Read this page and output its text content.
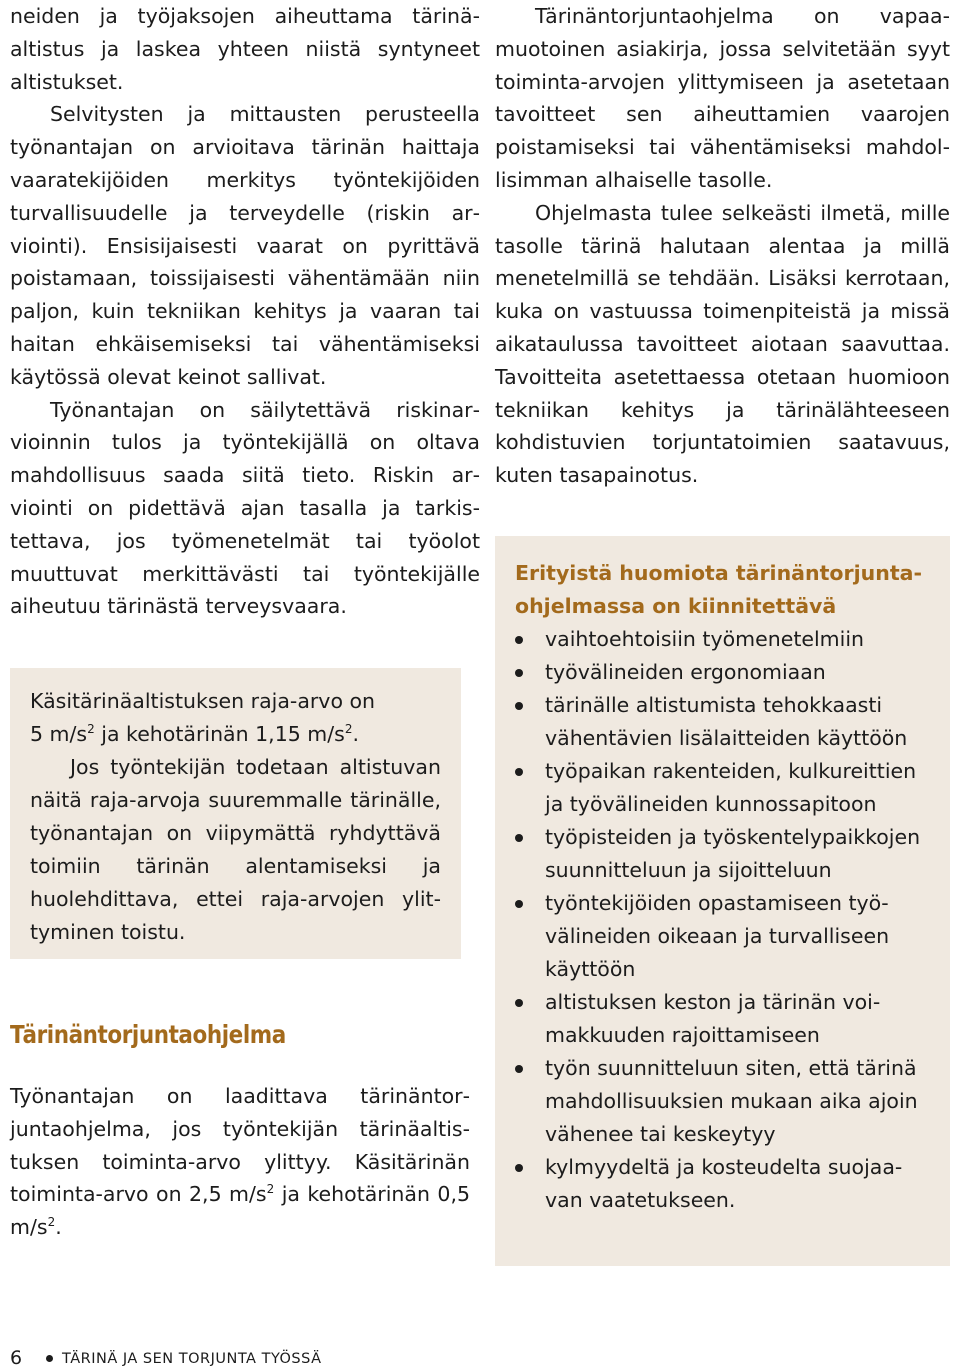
neiden ja työjaksojen aiheuttama tärinäaltistus ja laskea yhteen niistä syntyneet altistukset.

Selvitysten ja mittausten perusteella työnantajan on arvioitava tärinän haittaja vaaratekijöiden merkitys työntekijöiden turvallisuudelle ja terveydelle (riskin arviointi). Ensisijaisesti vaarat on pyrittävä poistamaan, toissijaisesti vähentämään niin paljon, kuin tekniikan kehitys ja vaaran tai haitan ehkäisemiseksi tai vähentämiseksi käytössä olevat keinot sallivat.

Työnantajan on säilytettävä riskinarvioinnin tulos ja työntekijällä on oltava mahdollisuus saada siitä tieto. Riskin arviointi on pidettävä ajan tasalla ja tarkistettava, jos työmenetelmät tai työolot muuttuvat merkittävästi tai työntekijälle aiheutuu tärinästä terveysvaara.

Käsitärinäaltistuksen raja-arvo on
5 $m/s^2$ ja kehotärinän 1,15 $m/s^2$.

Jos työntekijän todetaan altistuvan näitä raja-arvoja suuremmalle tärinälle, työnantajan on viipymättä ryhdyttävä toimiin tärinän alentamiseksi ja huolehdittava, ettei raja-arvojen ylittyminen toistu.

Tärinäntorjuntaohjelma

Työnantajan on laadittava tärinäntorjuntaohjelma, jos työntekijän tärinäaltistuksen toiminta-arvo ylittyy. Käsitärinän toiminta-arvo on 2,5 $m/s^2$ ja kehotärinän 0,5 $m/s^2$.

Tärinäntorjuntaohjelma on vapaamuotoinen asiakirja, jossa selvitetään syyt toiminta-arvojen ylittymiseen ja asetetaan tavoitteet sen aiheuttamien vaarojen poistamiseksi tai vähentämiseksi mahdollisimman alhaiselle tasolle.

Ohjelmasta tulee selkeästi ilmetä, mille tasolle tärinä halutaan alentaa ja millä menetelmillä se tehdään. Lisäksi kerrotaan, kuka on vastuussa toimenpiteistä ja missä aikataulussa tavoitteet aiotaan saavuttaa. Tavoitteita asetettaessa otetaan huomioon tekniikan kehitys ja tärinälähteeseen kohdistuvien torjuntatoimien saatavuus, kuten tasapainotus.

Erityistä huomiota tärinäntorjuntaohjelmassa on kiinnitettävä

vaihtoehtoisiin työmenetelmiin
työvälineiden ergonomiaan
tärinälle altistumista tehokkaasti vähentävien lisälaitteiden käyttöön
työpaikan rakenteiden, kulkureittien ja työvälineiden kunnossapitoon
työpisteiden ja työskentelypaikkojen suunnitteluun ja sijoitteluun
työntekijöiden opastamiseen työvälineiden oikeaan ja turvalliseen käyttöön
altistuksen keston ja tärinän voimakkuuden rajoittamiseen
työn suunnitteluun siten, että tärinä mahdollisuuksien mukaan aika ajoin vähenee tai keskeytyy
kylmyydeltä ja kosteudelta suojaavan vaatetukseen.
6	TÄRINÄ JA SEN TORJUNTA TYÖSSÄ
